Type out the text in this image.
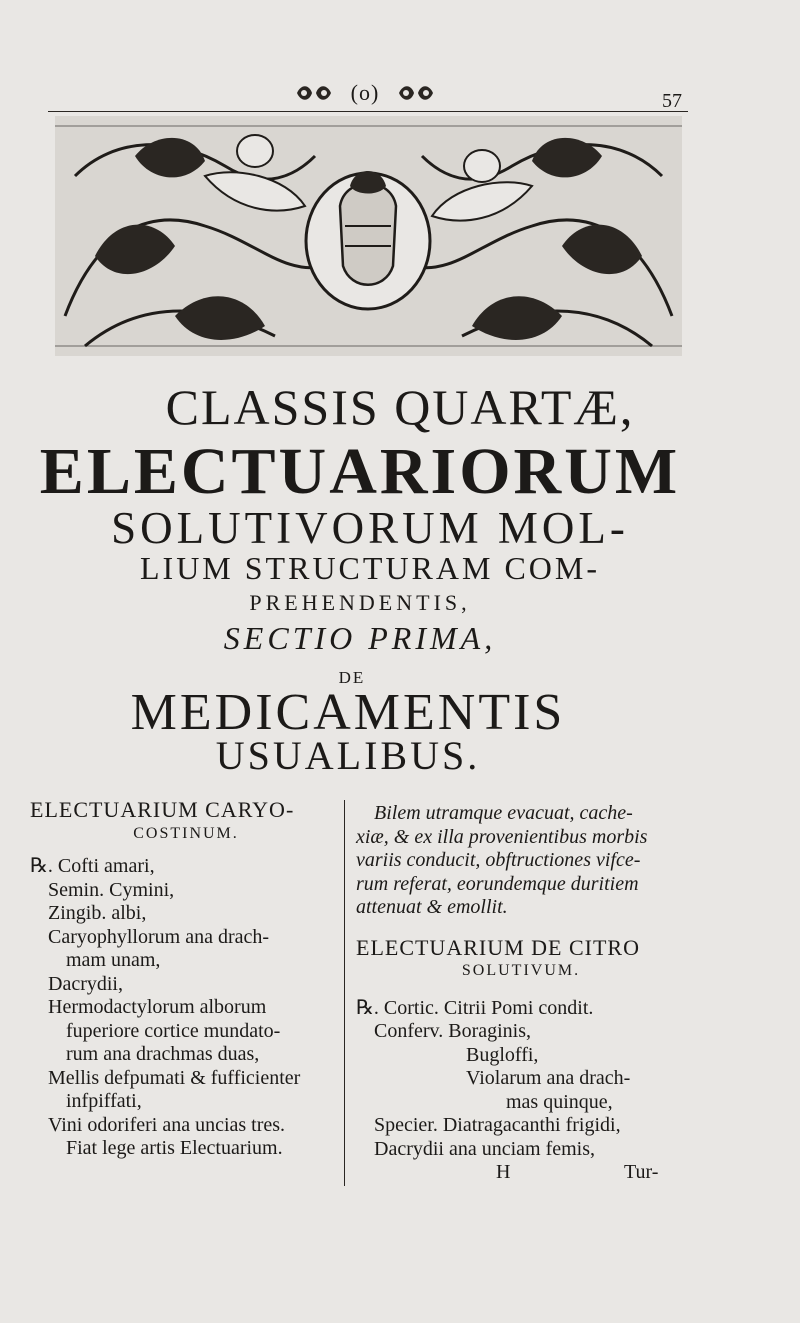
(o)	57
CLASSIS QUARTÆ,
ELECTUARIORUM
SOLUTIVORUM MOL-
LIUM STRUCTURAM COM-
PREHENDENTIS,
SECTIO PRIMA,
DE
MEDICAMENTIS
USUALIBUS.
ELECTUARIUM CARYO-
COSTINUM.
℞. Cofti amari,
Semin. Cymini,
Zingib. albi,
Caryophyllorum ana drach-
mam unam,
Dacrydii,
Hermodactylorum alborum
fuperiore cortice mundato-
rum ana drachmas duas,
Mellis defpumati & fufficienter
infpiffati,
Vini odoriferi ana uncias tres.
Fiat lege artis Electuarium.
Bilem utramque evacuat, cache-
xiæ, & ex illa provenientibus morbis
variis conducit, obftructiones vifce-
rum referat, eorundemque duritiem
attenuat & emollit.
ELECTUARIUM DE CITRO
SOLUTIVUM.
℞. Cortic. Citrii Pomi condit.
Conferv. Boraginis,
Bugloffi,
Violarum ana drach-
mas quinque,
Specier. Diatragacanthi frigidi,
Dacrydii ana unciam femis,
H	Tur-
